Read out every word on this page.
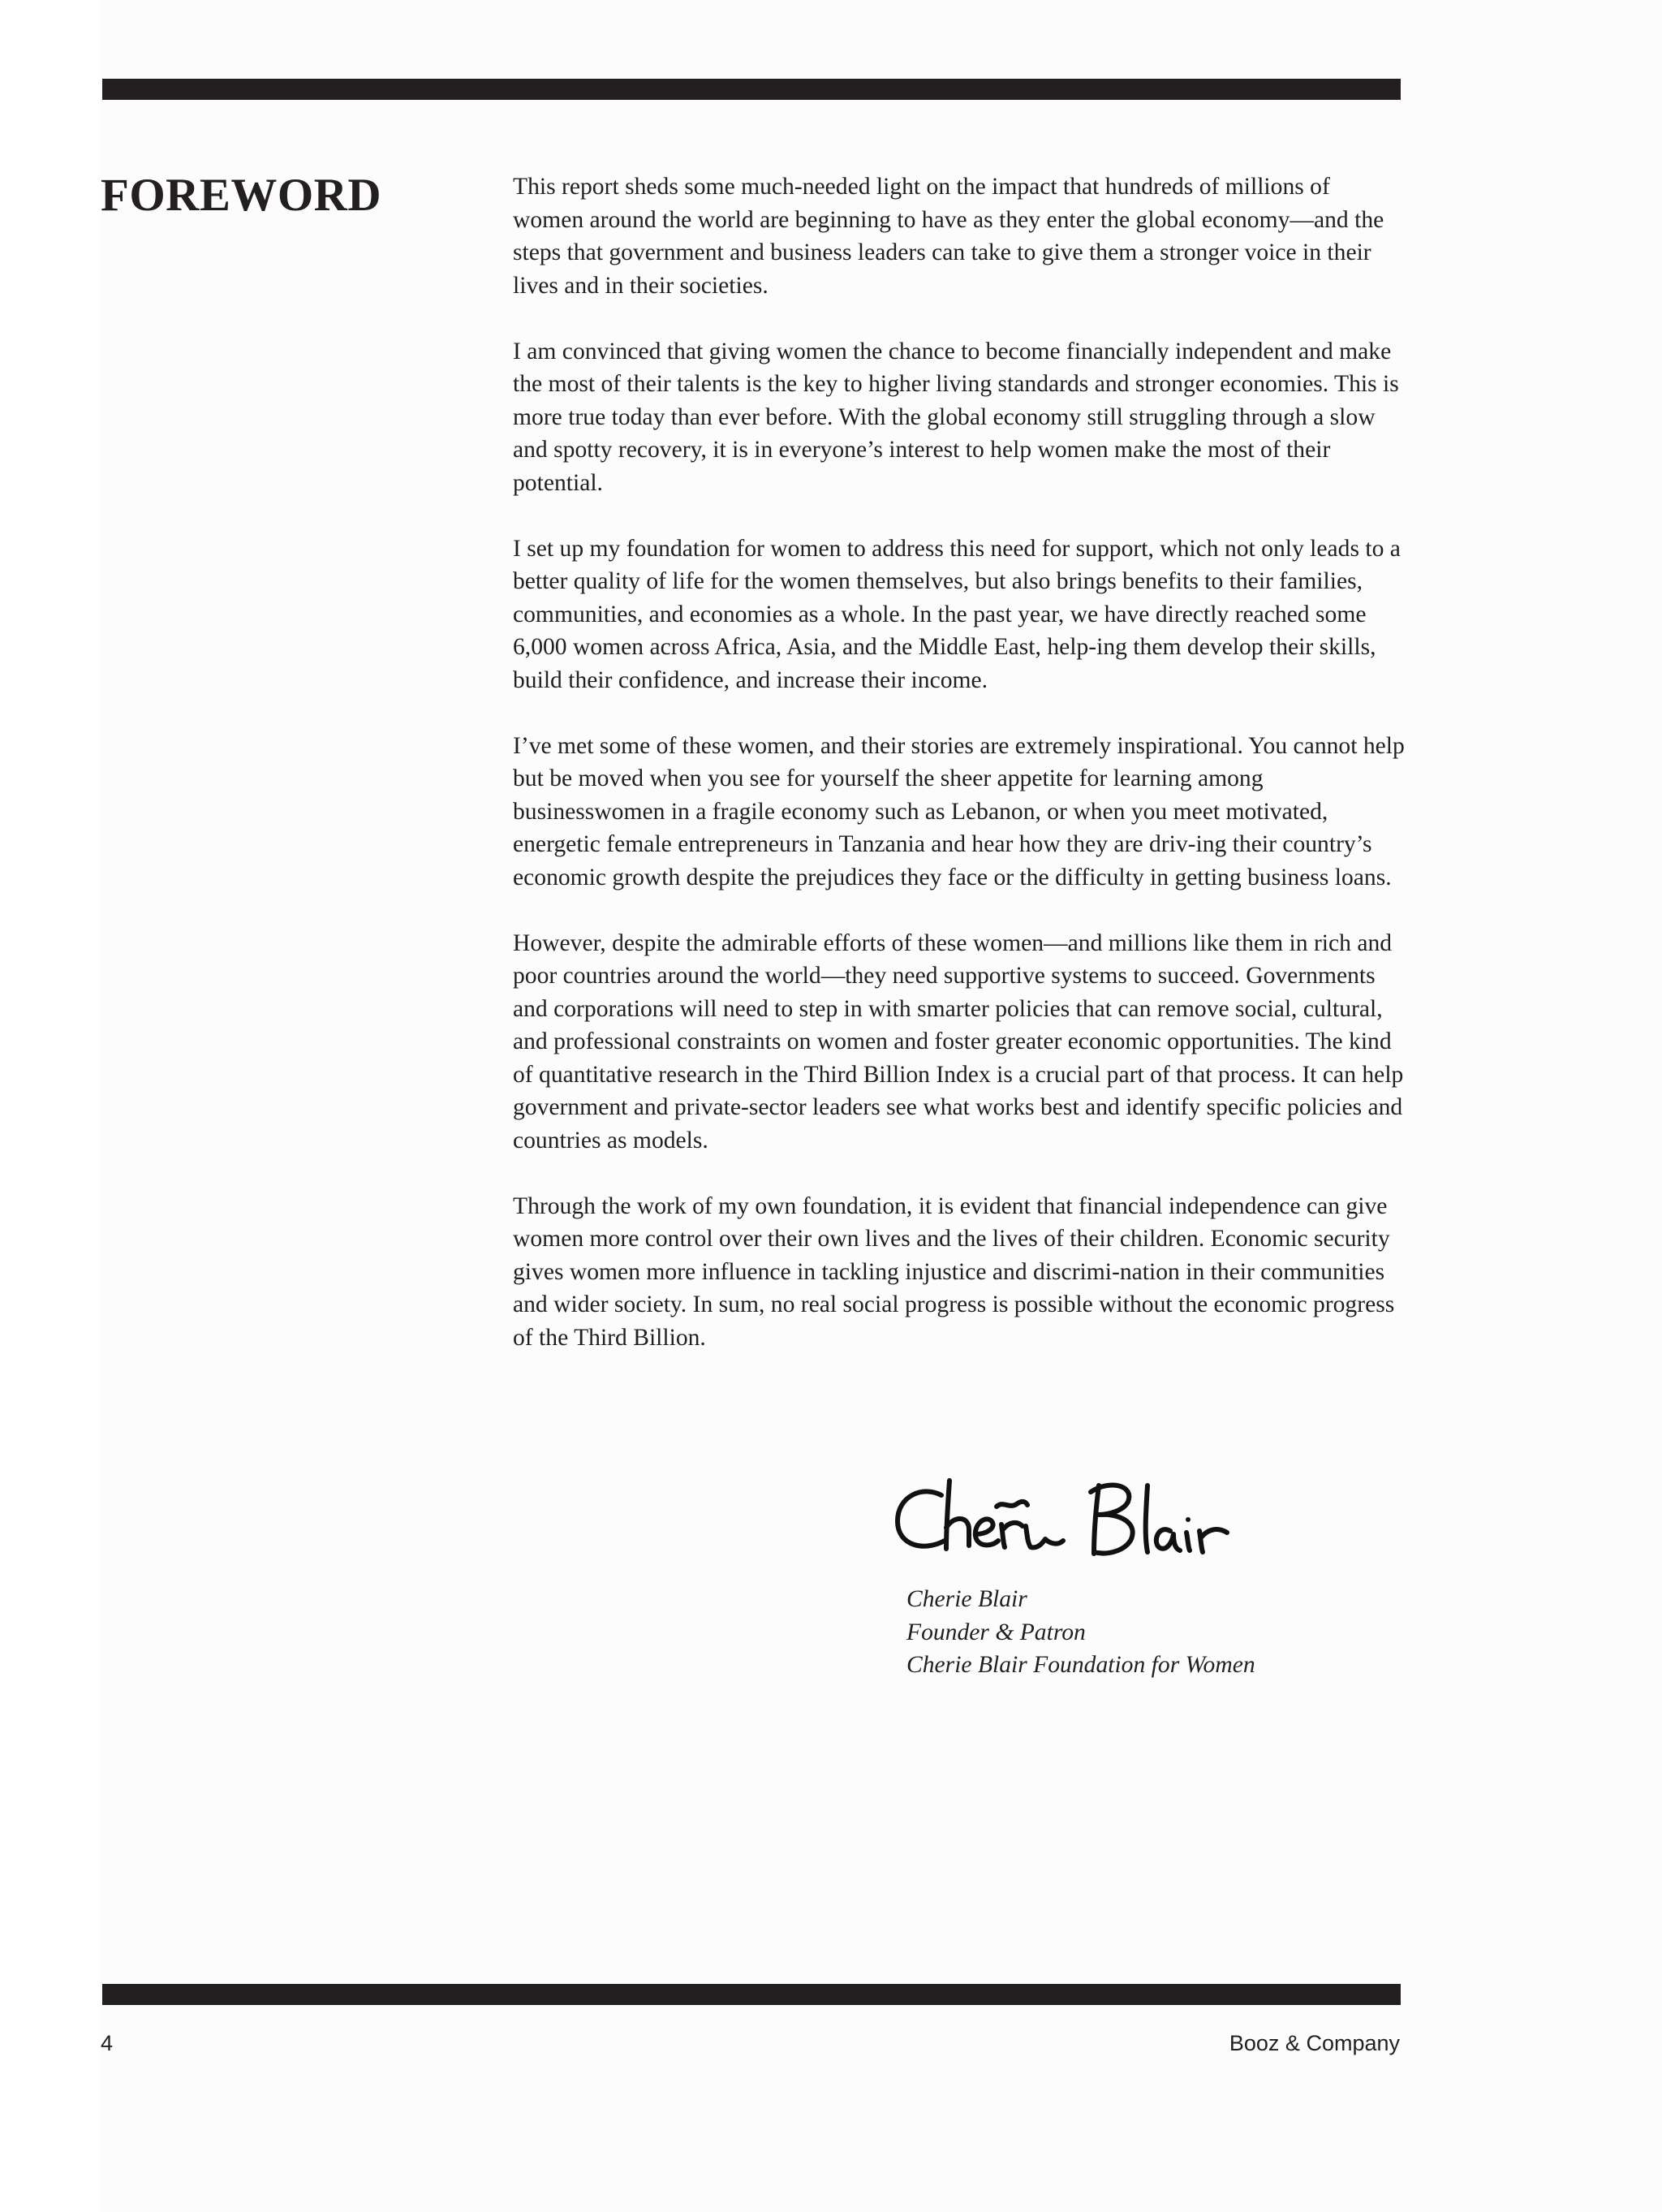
FOREWORD	This report sheds some much-needed light on the impact that hundreds of millions of women around the world are beginning to have as they enter the global economy—and the steps that government and business leaders can take to give them a stronger voice in their lives and in their societies.

I am convinced that giving women the chance to become financially independent and make the most of their talents is the key to higher living standards and stronger economies. This is more true today than ever before. With the global economy still struggling through a slow and spotty recovery, it is in everyone’s interest to help women make the most of their potential.

I set up my foundation for women to address this need for support, which not only leads to a better quality of life for the women themselves, but also brings benefits to their families, communities, and economies as a whole. In the past year, we have directly reached some 6,000 women across Africa, Asia, and the Middle East, help-ing them develop their skills, build their confidence, and increase their income.

I’ve met some of these women, and their stories are extremely inspirational. You cannot help but be moved when you see for yourself the sheer appetite for learning among businesswomen in a fragile economy such as Lebanon, or when you meet motivated, energetic female entrepreneurs in Tanzania and hear how they are driv-ing their country’s economic growth despite the prejudices they face or the difficulty in getting business loans.

However, despite the admirable efforts of these women—and millions like them in rich and poor countries around the world—they need supportive systems to succeed. Governments and corporations will need to step in with smarter policies that can remove social, cultural, and professional constraints on women and foster greater economic opportunities. The kind of quantitative research in the Third Billion Index is a crucial part of that process. It can help government and private-sector leaders see what works best and identify specific policies and countries as models.

Through the work of my own foundation, it is evident that financial independence can give women more control over their own lives and the lives of their children. Economic security gives women more influence in tackling injustice and discrimi-nation in their communities and wider society. In sum, no real social progress is possible without the economic progress of the Third Billion.

Cherie Blair
Founder & Patron
Cherie Blair Foundation for Women
4	Booz & Company
